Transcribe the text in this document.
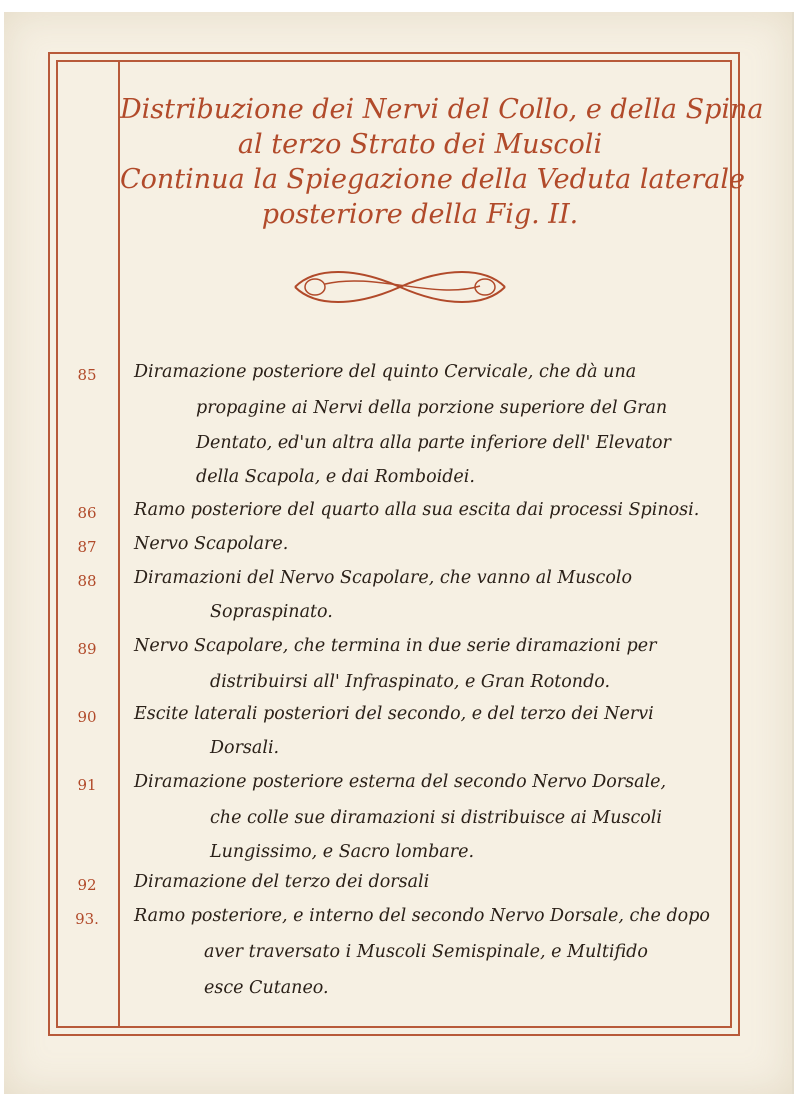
Distribuzione dei Nervi del Collo, e della Spina
al terzo Strato dei Muscoli
Continua la Spiegazione della Veduta laterale
posteriore della Fig. II.
85	Diramazione posteriore del quinto Cervicale, che dà una
propagine ai Nervi della porzione superiore del Gran
Dentato, ed'un altra alla parte inferiore dell' Elevator
della Scapola, e dai Romboidei.
86	Ramo posteriore del quarto alla sua escita dai processi Spinosi.
87	Nervo Scapolare.
88	Diramazioni del Nervo Scapolare, che vanno al Muscolo
Sopraspinato.
89	Nervo Scapolare, che termina in due serie diramazioni per
distribuirsi all' Infraspinato, e Gran Rotondo.
90	Escite laterali posteriori del secondo, e del terzo dei Nervi
Dorsali.
91	Diramazione posteriore esterna del secondo Nervo Dorsale,
che colle sue diramazioni si distribuisce ai Muscoli
Lungissimo, e Sacro lombare.
92	Diramazione del terzo dei dorsali
93.	Ramo posteriore, e interno del secondo Nervo Dorsale, che dopo
aver traversato i Muscoli Semispinale, e Multifido
esce Cutaneo.
